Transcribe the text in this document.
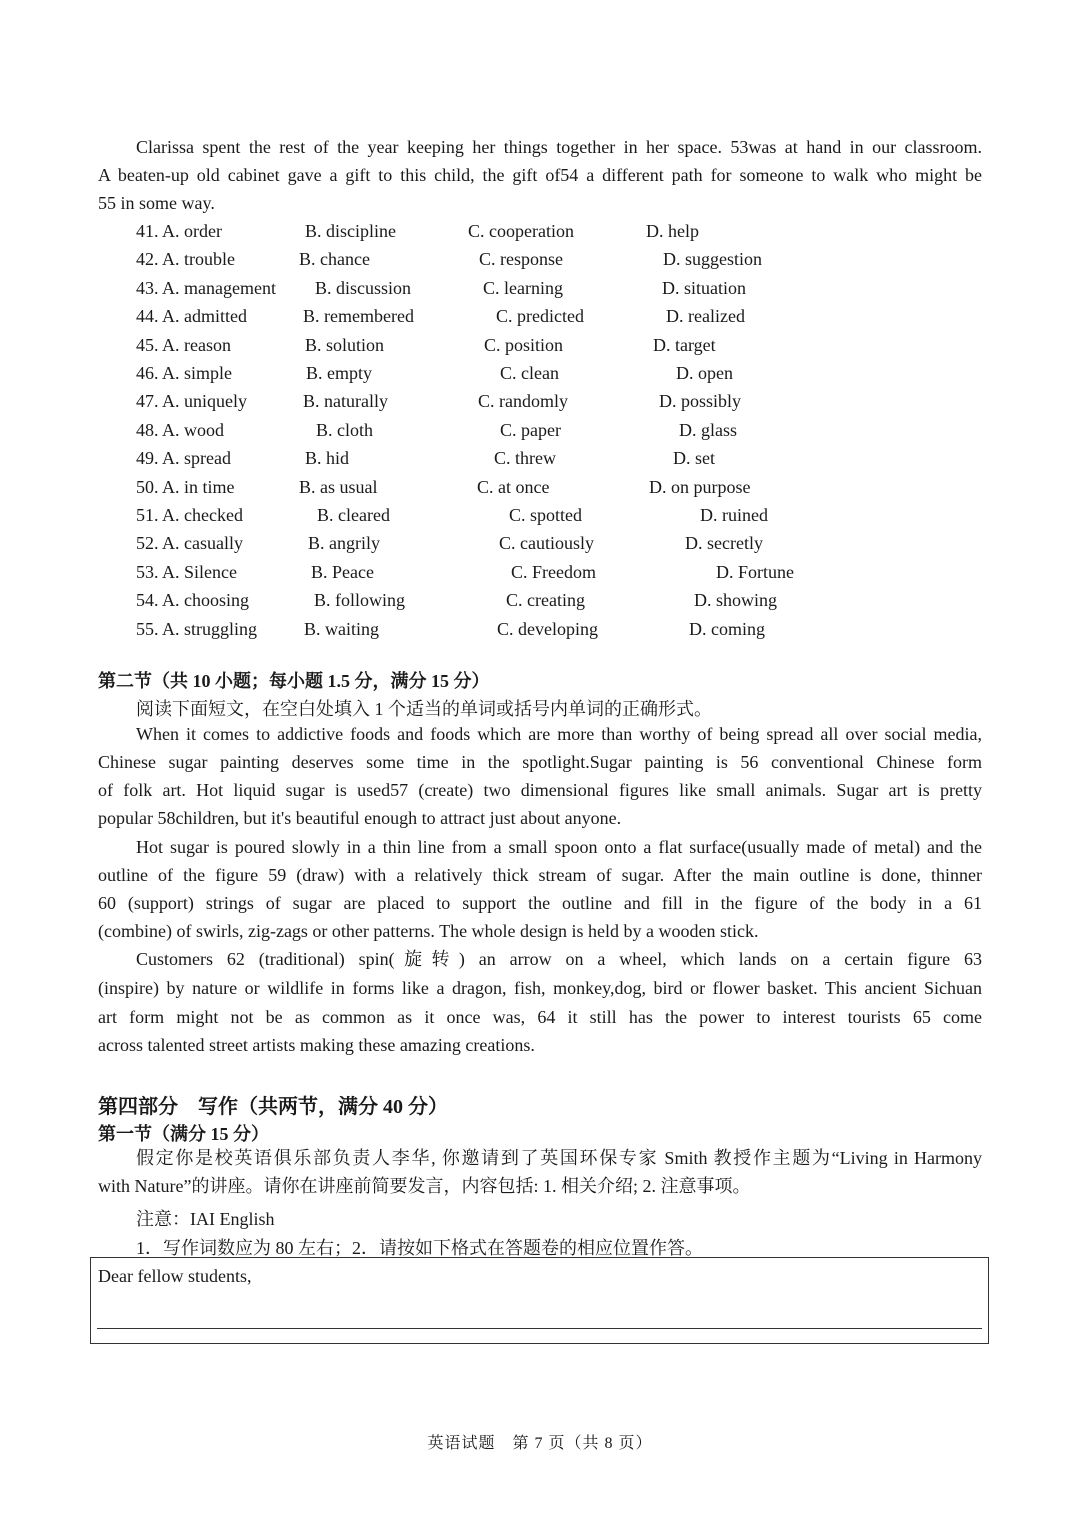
Clarissa spent the rest of the year keeping her things together in her space. 53was at hand in our classroom.
A beaten-up old cabinet gave a gift to this child, the gift of54 a different path for someone to walk who might be
55 in some way.
41. A. order	B. discipline	C. cooperation	D. help
42. A. trouble	B. chance	C. response	D. suggestion
43. A. management B. discussion	C. learning	D. situation
44. A. admitted	B. remembered	C. predicted	D. realized
45. A. reason	B. solution	C. position	D. target
46. A. simple	B. empty	C. clean	D. open
47. A. uniquely	B. naturally	C. randomly	D. possibly
48. A. wood	B. cloth	C. paper	D. glass
49. A. spread	B. hid	C. threw	D. set
50. A. in time	B. as usual	C. at once	D. on purpose
51. A. checked	B. cleared	C. spotted	D. ruined
52. A. casually	B. angrily	C. cautiously	D. secretly
53. A. Silence	B. Peace	C. Freedom	D. Fortune
54. A. choosing	B. following	C. creating	D. showing
55. A. struggling	B. waiting	C. developing	D. coming
第二节（共 10 小题；每小题 1.5 分，满分 15 分）
阅读下面短文，在空白处填入 1 个适当的单词或括号内单词的正确形式。
When it comes to addictive foods and foods which are more than worthy of being spread all over social media,
Chinese sugar painting deserves some time in the spotlight.Sugar painting is 56 conventional Chinese form
of folk art. Hot liquid sugar is used57 (create) two dimensional figures like small animals. Sugar art is pretty
popular 58children, but it's beautiful enough to attract just about anyone.
Hot sugar is poured slowly in a thin line from a small spoon onto a flat surface(usually made of metal) and the
outline of the figure 59 (draw) with a relatively thick stream of sugar. After the main outline is done, thinner
60 (support) strings of sugar are placed to support the outline and fill in the figure of the body in a 61
(combine) of swirls, zig-zags or other patterns. The whole design is held by a wooden stick.
Customers 62 (traditional) spin(旋转) an arrow on a wheel, which lands on a certain figure 63
(inspire) by nature or wildlife in forms like a dragon, fish, monkey,dog, bird or flower basket. This ancient Sichuan
art form might not be as common as it once was, 64 it still has the power to interest tourists 65 come
across talented street artists making these amazing creations.
第四部分　写作（共两节，满分 40 分）
第一节（满分 15 分）
假定你是校英语俱乐部负责人李华, 你邀请到了英国环保专家 Smith 教授作主题为“Living in Harmony
with Nature”的讲座。请你在讲座前简要发言，内容包括: 1. 相关介绍; 2. 注意事项。
注意：IAI English
1．写作词数应为 80 左右；2．请按如下格式在答题卷的相应位置作答。
Dear fellow students,
英语试题　第 7 页（共 8 页）
